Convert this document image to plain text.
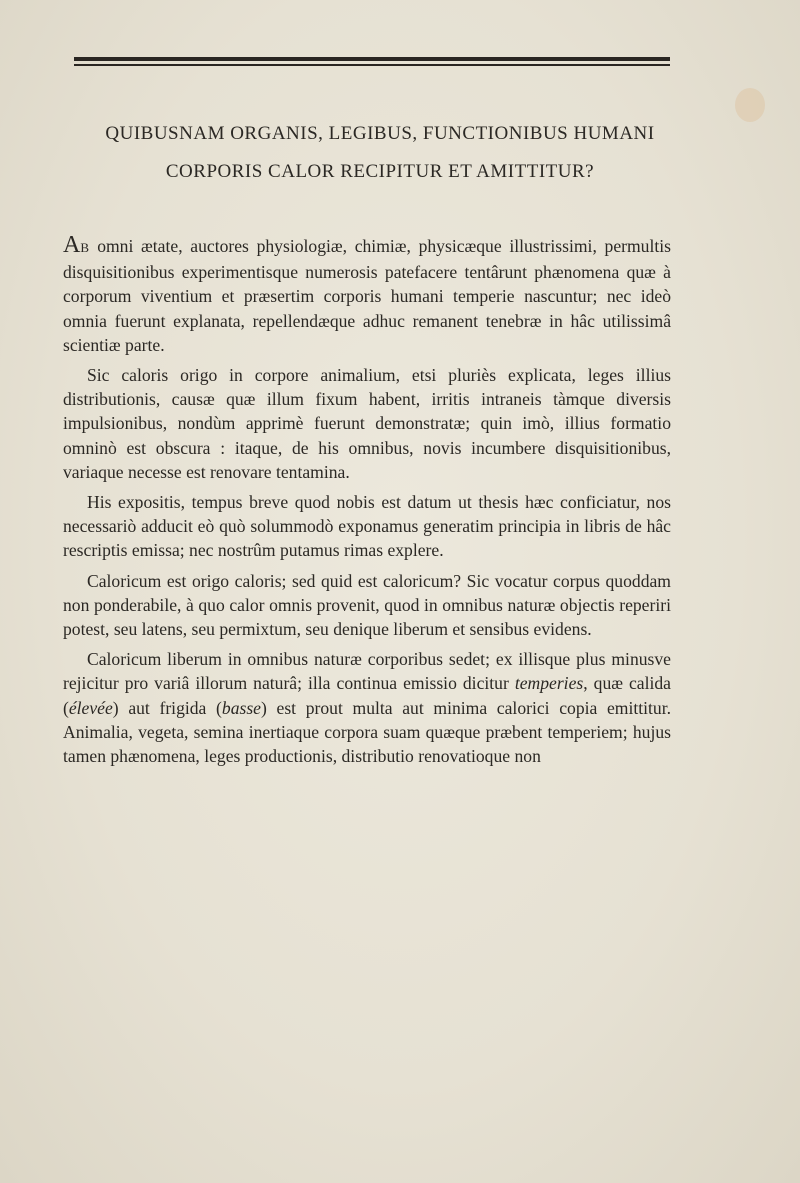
QUIBUSNAM ORGANIS, LEGIBUS, FUNCTIONIBUS HUMANI
CORPORIS CALOR RECIPITUR ET AMITTITUR?

AB omni ætate, auctores physiologiæ, chimiæ, physicæque illustrissimi, permultis disquisitionibus experimentisque numerosis patefacere tentârunt phænomena quæ à corporum viventium et præsertim corporis humani temperie nascuntur; nec ideò omnia fuerunt explanata, repellendæque adhuc remanent tenebræ in hâc utilissimâ scientiæ parte.

Sic caloris origo in corpore animalium, etsi pluriès explicata, leges illius distributionis, causæ quæ illum fixum habent, irritis intraneis tàmque diversis impulsionibus, nondùm apprimè fuerunt demonstratæ; quin imò, illius formatio omninò est obscura : itaque, de his omnibus, novis incumbere disquisitionibus, variaque necesse est renovare tentamina.

His expositis, tempus breve quod nobis est datum ut thesis hæc conficiatur, nos necessariò adducit eò quò solummodò exponamus generatim principia in libris de hâc rescriptis emissa; nec nostrûm putamus rimas explere.

Caloricum est origo caloris; sed quid est caloricum? Sic vocatur corpus quoddam non ponderabile, à quo calor omnis provenit, quod in omnibus naturæ objectis reperiri potest, seu latens, seu permixtum, seu denique liberum et sensibus evidens.

Caloricum liberum in omnibus naturæ corporibus sedet; ex illisque plus minusve rejicitur pro variâ illorum naturâ; illa continua emissio dicitur temperies, quæ calida (élevée) aut frigida (basse) est prout multa aut minima calorici copia emittitur. Animalia, vegeta, semina inertiaque corpora suam quæque præbent temperiem; hujus tamen phænomena, leges productionis, distributio renovatioque non
